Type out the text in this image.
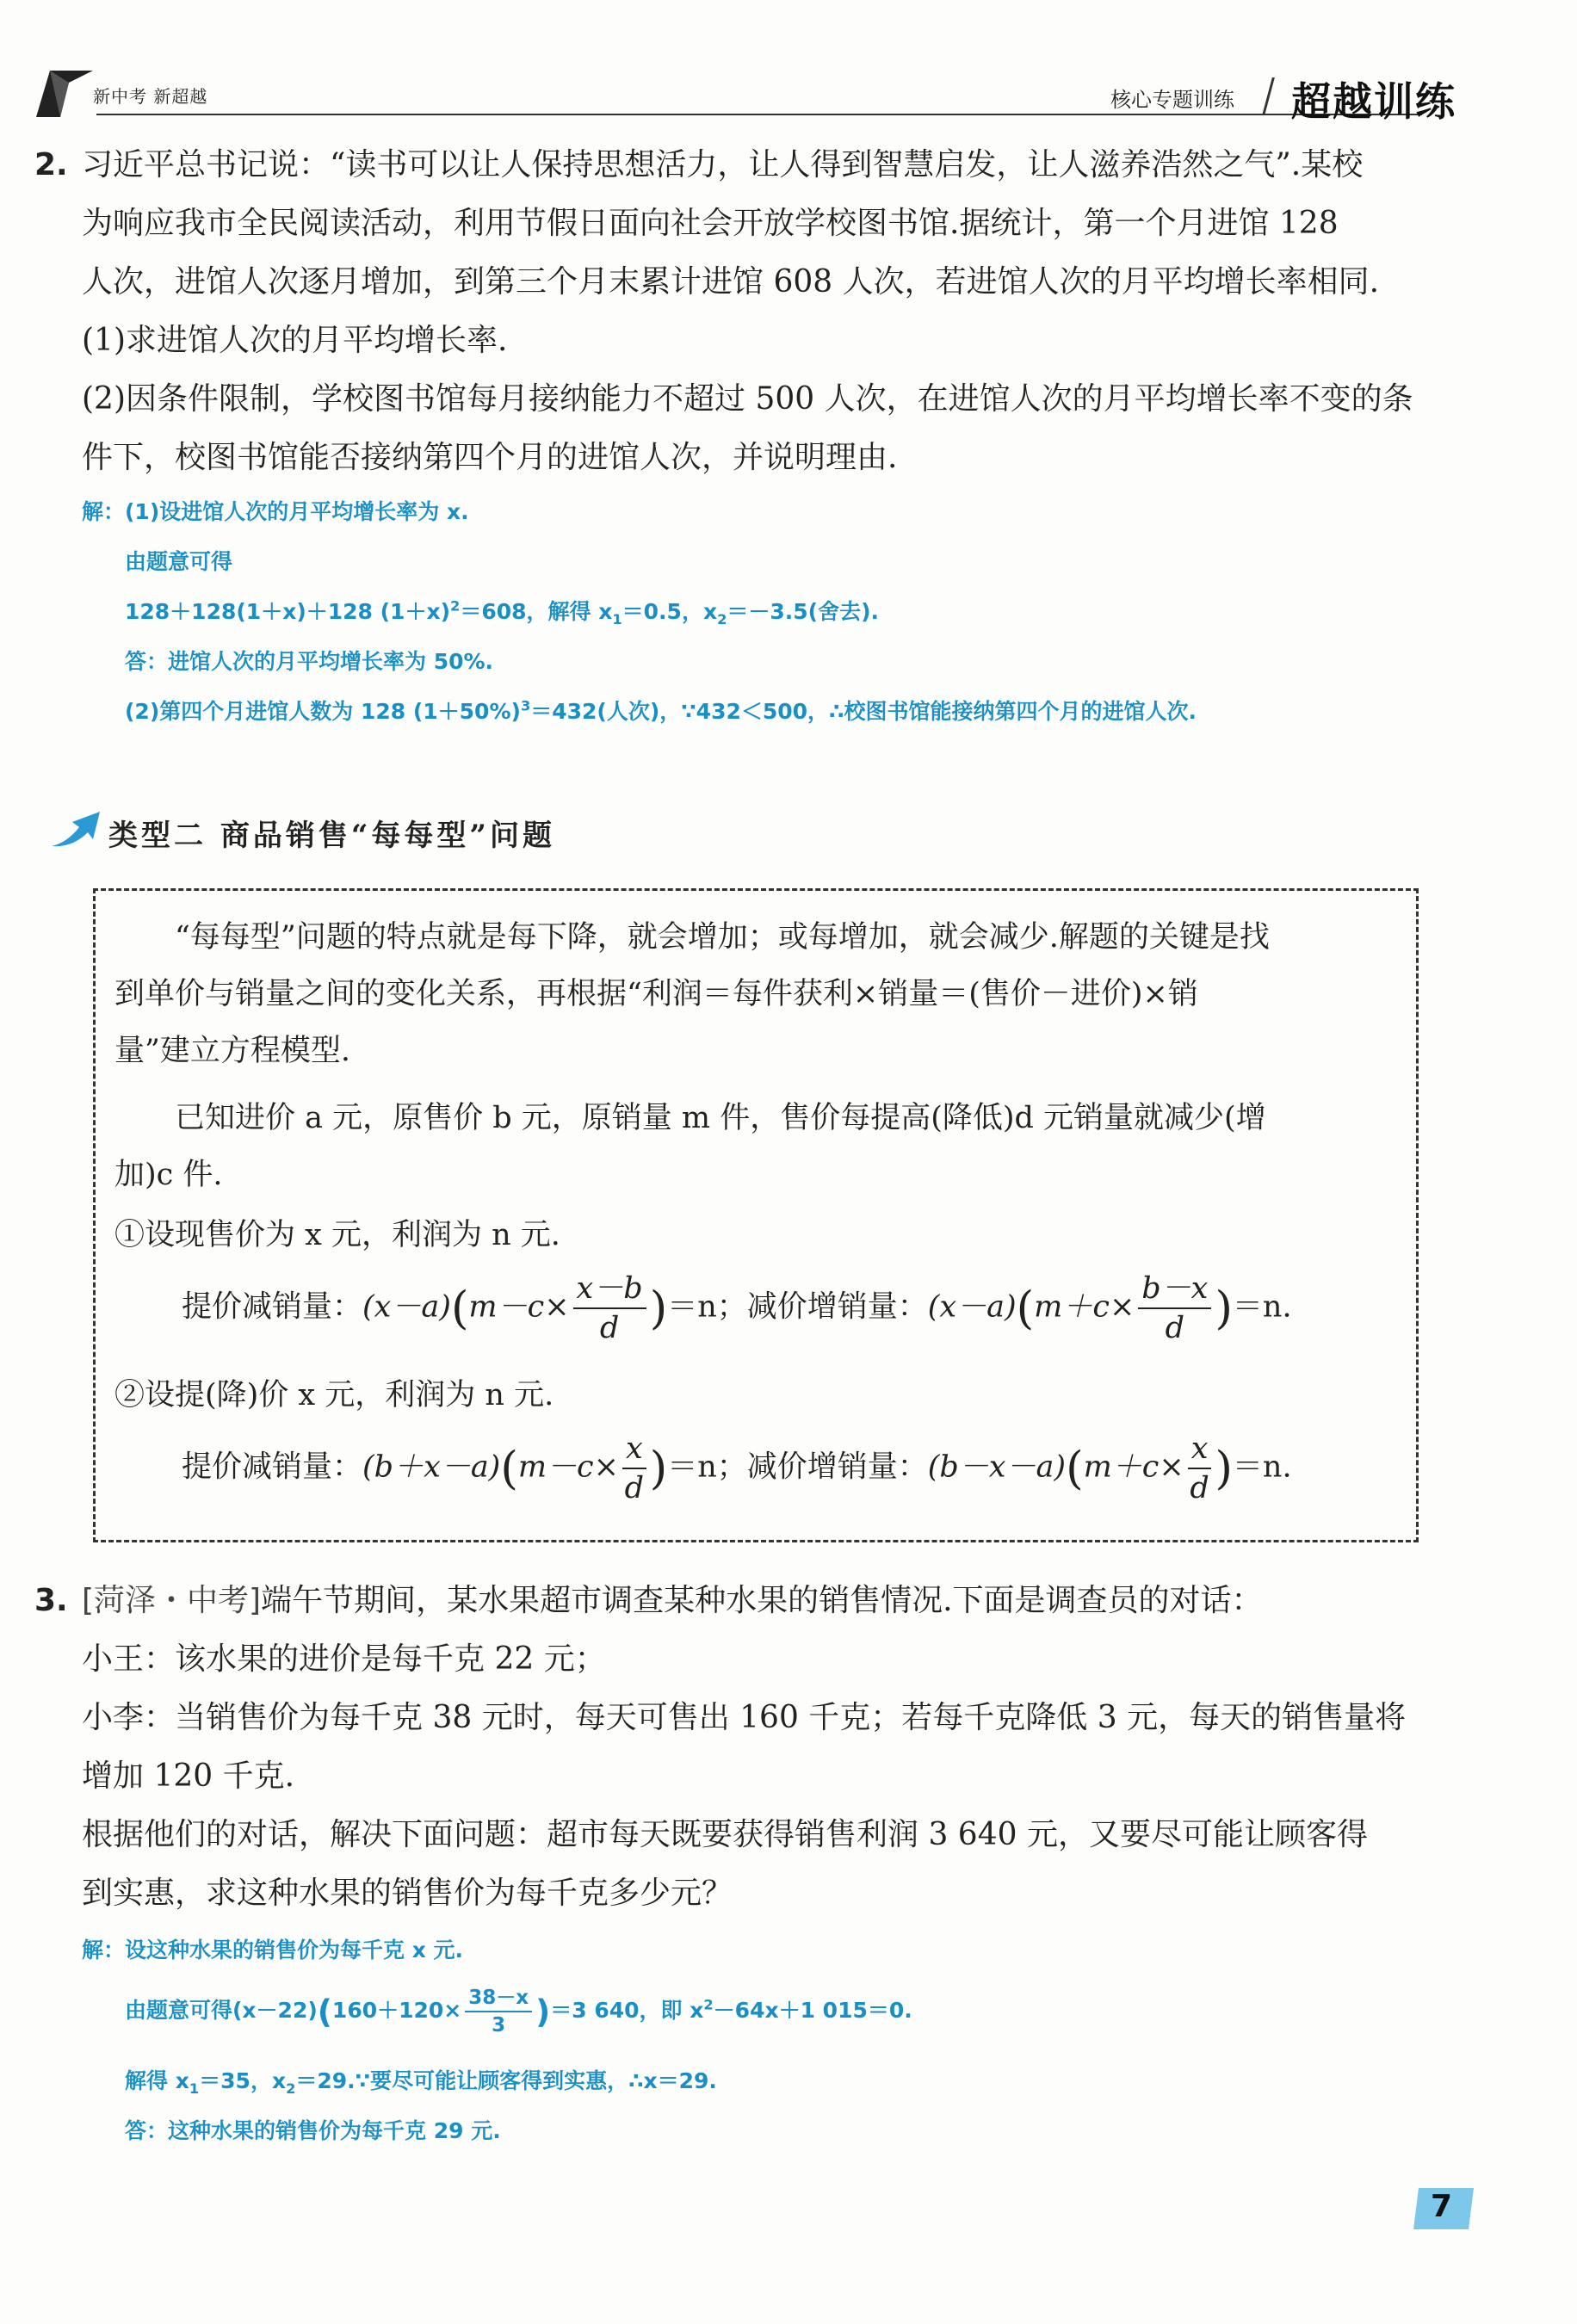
新中考 新超越	核心专题训练 超越训练
2. 习近平总书记说：“读书可以让人保持思想活力，让人得到智慧启发，让人滋养浩然之气”.某校

为响应我市全民阅读活动，利用节假日面向社会开放学校图书馆.据统计，第一个月进馆 128

人次，进馆人次逐月增加，到第三个月末累计进馆 608 人次，若进馆人次的月平均增长率相同.

(1)求进馆人次的月平均增长率.

(2)因条件限制，学校图书馆每月接纳能力不超过 500 人次，在进馆人次的月平均增长率不变的条

件下，校图书馆能否接纳第四个月的进馆人次，并说明理由.

解：(1)设进馆人次的月平均增长率为 x.
由题意可得
128＋128(1＋x)＋128 $(1+x)^2=608$，解得 $x_1=0.5$，$x_2=-3.5$(舍去).
答：进馆人次的月平均增长率为 50%.
(2)第四个月进馆人数为 128 $(1+50\%)^3=432$(人次)，∵432＜500，∴校图书馆能接纳第四个月的进馆人次.
类型二 商品销售“每每型”问题
“每每型”问题的特点就是每下降，就会增加；或每增加，就会减少.解题的关键是找
到单价与销量之间的变化关系，再根据“利润＝每件获利×销量＝(售价－进价)×销
量”建立方程模型.
已知进价 a 元，原售价 b 元，原销量 m 件，售价每提高(降低)d 元销量就减少(增
加)c 件.
①设现售价为 x 元，利润为 n 元.
提价减销量：$(x-a)(m-c\times \frac{x-b}{d} )=n$；减价增销量：$(x-a)(m+c\times \frac{b-x}{d} )=n$.
②设提(降)价 x 元，利润为 n 元.
提价减销量：$(b+x-a)(m-c\times \frac{x}{d} )=n$；减价增销量：$(b-x-a)(m+c\times \frac{x}{d} )=n$.
3. [菏泽・中考]端午节期间，某水果超市调查某种水果的销售情况.下面是调查员的对话：

小王：该水果的进价是每千克 22 元；

小李：当销售价为每千克 38 元时，每天可售出 160 千克；若每千克降低 3 元，每天的销售量将

增加 120 千克.

根据他们的对话，解决下面问题：超市每天既要获得销售利润 3 640 元，又要尽可能让顾客得

到实惠，求这种水果的销售价为每千克多少元？

解：设这种水果的销售价为每千克 x 元.
由题意可得$(x-22)(160+120\times \frac{38-x}{3} )=3$ 640，即 $x^2-64x+1$ 015＝0.
解得 $x_1=35$，$x_2=29.\because$要尽可能让顾客得到实惠，∴x＝29.
答：这种水果的销售价为每千克 29 元.
7
